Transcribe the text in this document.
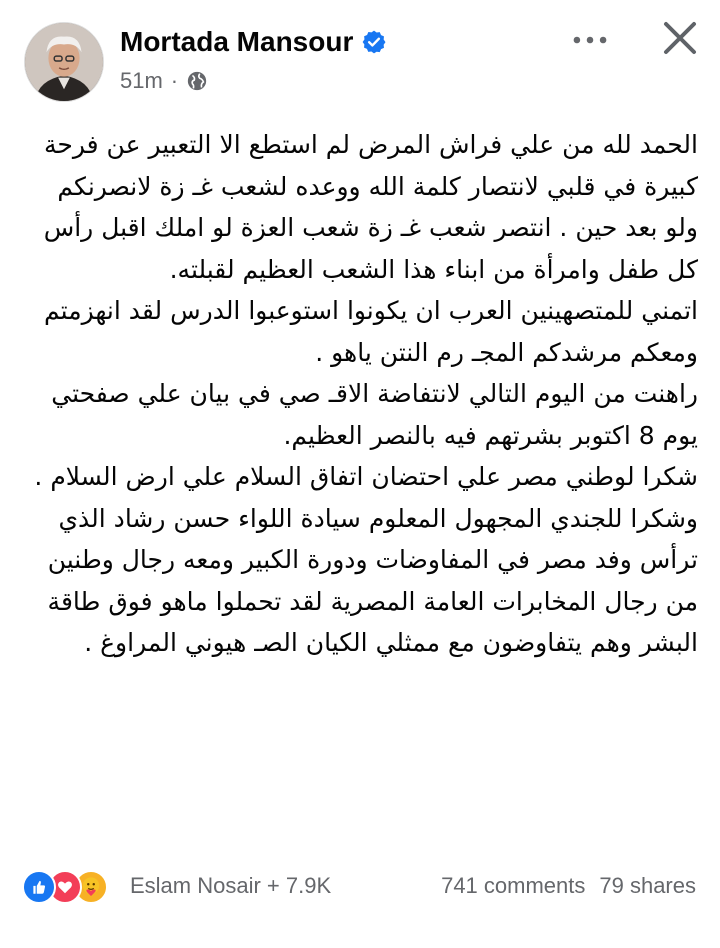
Mortada Mansour
51m ·

الحمد لله من علي فراش المرض لم استطع الا التعبير عن فرحة كبيرة في قلبي لانتصار كلمة الله ووعده لشعب غـ زة لانصرنكم ولو بعد حين . انتصر شعب غـ زة شعب العزة لو املك اقبل رأس كل طفل وامرأة من ابناء هذا الشعب العظيم لقبلته.

اتمني للمتصهينين العرب ان يكونوا استوعبوا الدرس لقد انهزمتم ومعكم مرشدكم المجـ رم النتن ياهو .

راهنت من اليوم التالي لانتفاضة الاقـ صي في بيان علي صفحتي يوم 8 اكتوبر بشرتهم فيه بالنصر العظيم.

شكرا لوطني مصر علي احتضان اتفاق السلام علي ارض السلام .

وشكرا للجندي المجهول المعلوم سيادة اللواء حسن رشاد الذي ترأس وفد مصر في المفاوضات ودورة الكبير ومعه رجال وطنين من رجال المخابرات العامة المصرية لقد تحملوا ماهو فوق طاقة البشر وهم يتفاوضون مع ممثلي الكيان الصـ هيوني المراوغ .

Eslam Nosair + 7.9K	741 comments 79 shares
